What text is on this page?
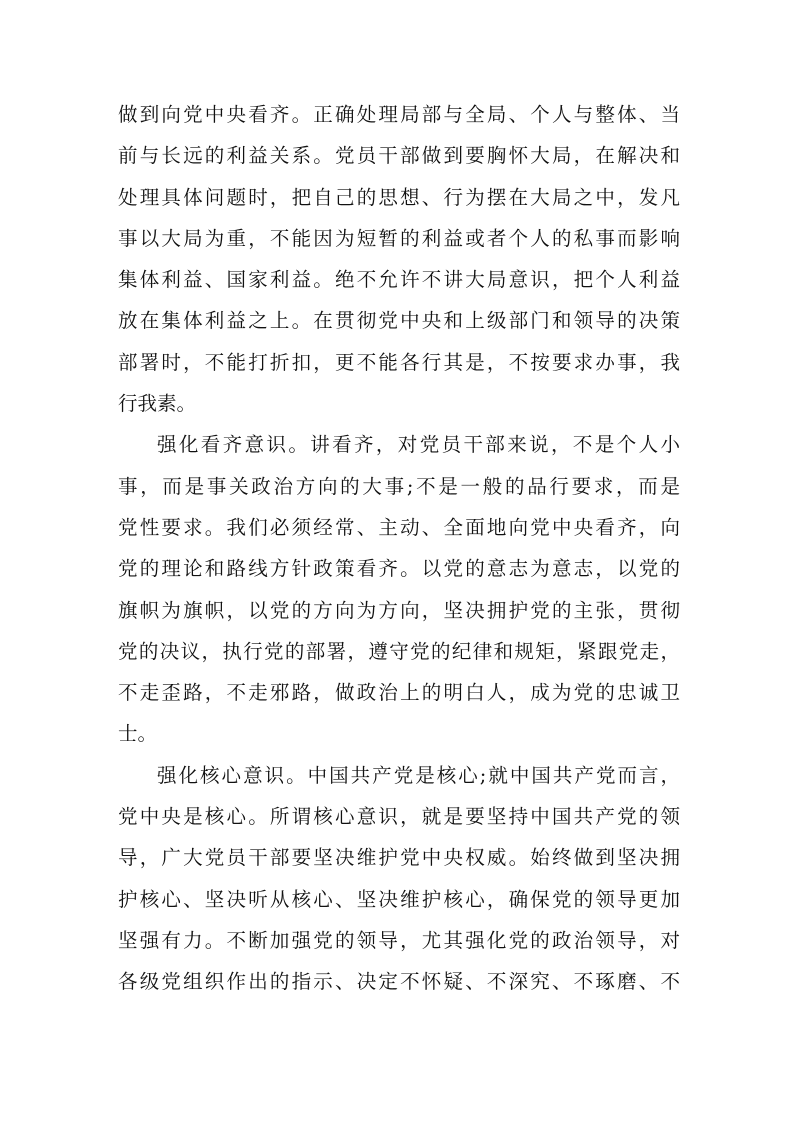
做到向党中央看齐。正确处理局部与全局、个人与整体、当
前与长远的利益关系。党员干部做到要胸怀大局，在解决和
处理具体问题时，把自己的思想、行为摆在大局之中，发凡
事以大局为重，不能因为短暂的利益或者个人的私事而影响
集体利益、国家利益。绝不允许不讲大局意识，把个人利益
放在集体利益之上。在贯彻党中央和上级部门和领导的决策
部署时，不能打折扣，更不能各行其是，不按要求办事，我
行我素。
强化看齐意识。讲看齐，对党员干部来说，不是个人小
事，而是事关政治方向的大事;不是一般的品行要求，而是
党性要求。我们必须经常、主动、全面地向党中央看齐，向
党的理论和路线方针政策看齐。以党的意志为意志，以党的
旗帜为旗帜，以党的方向为方向，坚决拥护党的主张，贯彻
党的决议，执行党的部署，遵守党的纪律和规矩，紧跟党走，
不走歪路，不走邪路，做政治上的明白人，成为党的忠诚卫
士。
强化核心意识。中国共产党是核心;就中国共产党而言，
党中央是核心。所谓核心意识，就是要坚持中国共产党的领
导，广大党员干部要坚决维护党中央权威。始终做到坚决拥
护核心、坚决听从核心、坚决维护核心，确保党的领导更加
坚强有力。不断加强党的领导，尤其强化党的政治领导，对
各级党组织作出的指示、决定不怀疑、不深究、不琢磨、不
